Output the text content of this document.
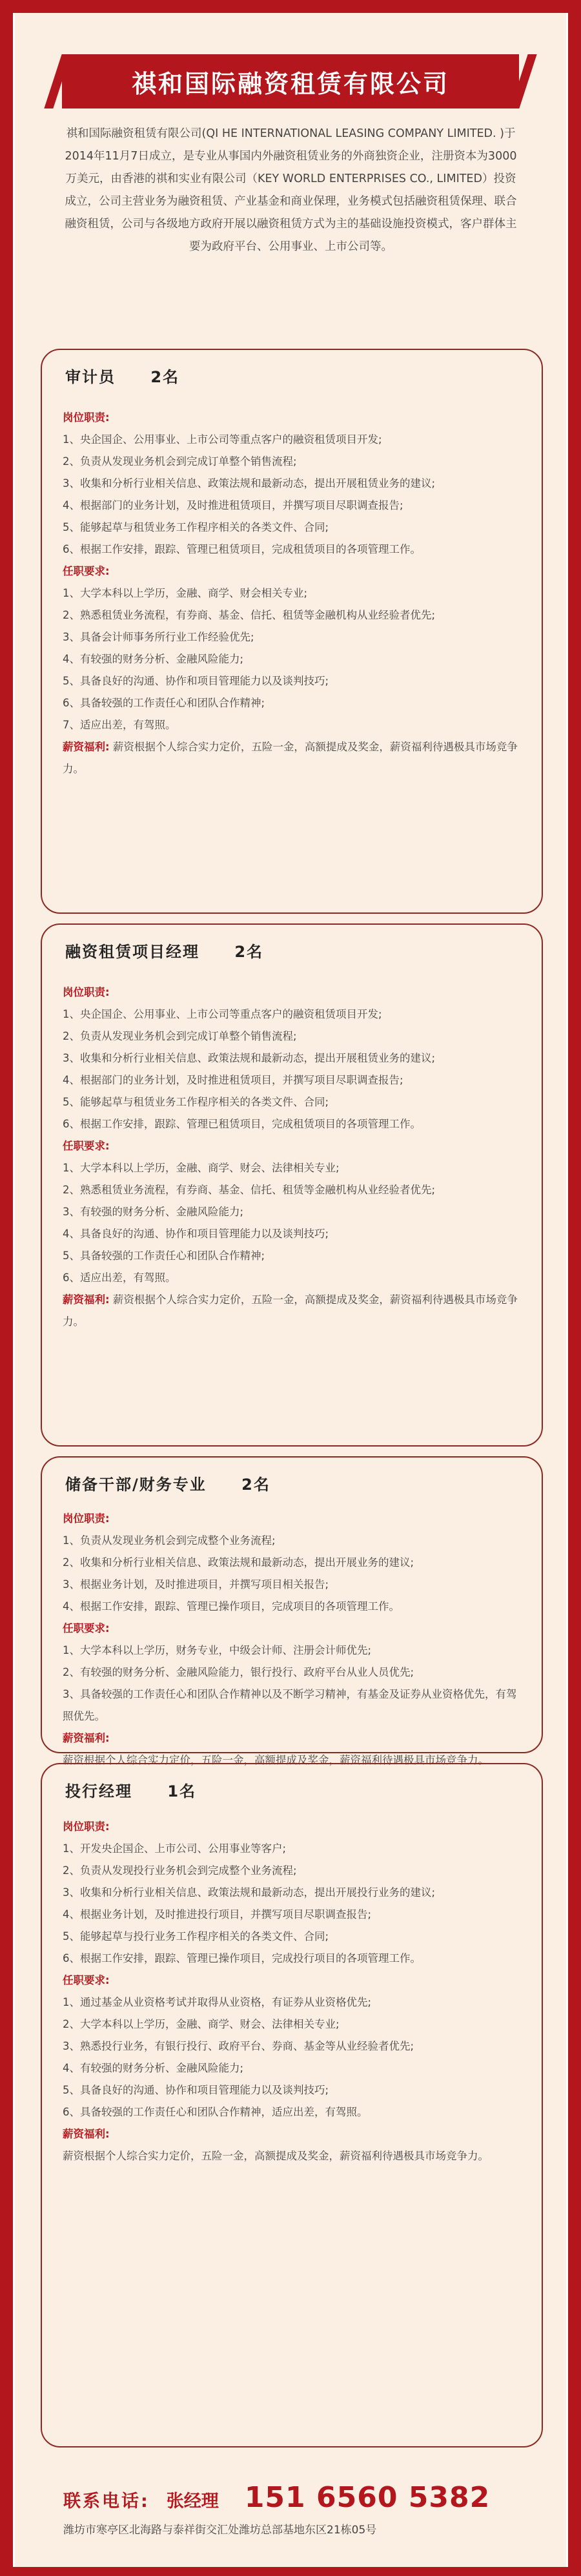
祺和国际融资租赁有限公司
祺和国际融资租赁有限公司(QI HE INTERNATIONAL LEASING COMPANY LIMITED. )于2014年11月7日成立，是专业从事国内外融资租赁业务的外商独资企业，注册资本为3000万美元，由香港的祺和实业有限公司（KEY WORLD ENTERPRISES CO., LIMITED）投资成立，公司主营业务为融资租赁、产业基金和商业保理，业务模式包括融资租赁保理、联合融资租赁，公司与各级地方政府开展以融资租赁方式为主的基础设施投资模式，客户群体主要为政府平台、公用事业、上市公司等。
审计员 2名
岗位职责:
1、央企国企、公用事业、上市公司等重点客户的融资租赁项目开发;
2、负责从发现业务机会到完成订单整个销售流程;
3、收集和分析行业相关信息、政策法规和最新动态，提出开展租赁业务的建议;
4、根据部门的业务计划，及时推进租赁项目，并撰写项目尽职调查报告;
5、能够起草与租赁业务工作程序相关的各类文件、合同;
6、根据工作安排，跟踪、管理已租赁项目，完成租赁项目的各项管理工作。
任职要求:
1、大学本科以上学历，金融、商学、财会相关专业;
2、熟悉租赁业务流程，有券商、基金、信托、租赁等金融机构从业经验者优先;
3、具备会计师事务所行业工作经验优先;
4、有较强的财务分析、金融风险能力;
5、具备良好的沟通、协作和项目管理能力以及谈判技巧;
6、具备较强的工作责任心和团队合作精神;
7、适应出差，有驾照。
薪资福利: 薪资根据个人综合实力定价，五险一金，高额提成及奖金，薪资福利待遇极具市场竞争力。
融资租赁项目经理 2名
岗位职责:
1、央企国企、公用事业、上市公司等重点客户的融资租赁项目开发;
2、负责从发现业务机会到完成订单整个销售流程;
3、收集和分析行业相关信息、政策法规和最新动态，提出开展租赁业务的建议;
4、根据部门的业务计划，及时推进租赁项目，并撰写项目尽职调查报告;
5、能够起草与租赁业务工作程序相关的各类文件、合同;
6、根据工作安排，跟踪、管理已租赁项目，完成租赁项目的各项管理工作。
任职要求:
1、大学本科以上学历，金融、商学、财会、法律相关专业;
2、熟悉租赁业务流程，有券商、基金、信托、租赁等金融机构从业经验者优先;
3、有较强的财务分析、金融风险能力;
4、具备良好的沟通、协作和项目管理能力以及谈判技巧;
5、具备较强的工作责任心和团队合作精神;
6、适应出差，有驾照。
薪资福利: 薪资根据个人综合实力定价，五险一金，高额提成及奖金，薪资福利待遇极具市场竞争力。
储备干部/财务专业 2名
岗位职责:
1、负责从发现业务机会到完成整个业务流程;
2、收集和分析行业相关信息、政策法规和最新动态，提出开展业务的建议;
3、根据业务计划，及时推进项目，并撰写项目相关报告;
4、根据工作安排，跟踪、管理已操作项目，完成项目的各项管理工作。
任职要求:
1、大学本科以上学历，财务专业，中级会计师、注册会计师优先;
2、有较强的财务分析、金融风险能力，银行投行、政府平台从业人员优先;
3、具备较强的工作责任心和团队合作精神以及不断学习精神，有基金及证券从业资格优先，有驾照优先。
薪资福利:
薪资根据个人综合实力定价，五险一金，高额提成及奖金，薪资福利待遇极具市场竞争力。
投行经理 1名
岗位职责:
1、开发央企国企、上市公司、公用事业等客户;
2、负责从发现投行业务机会到完成整个业务流程;
3、收集和分析行业相关信息、政策法规和最新动态，提出开展投行业务的建议;
4、根据业务计划，及时推进投行项目，并撰写项目尽职调查报告;
5、能够起草与投行业务工作程序相关的各类文件、合同;
6、根据工作安排，跟踪、管理已操作项目，完成投行项目的各项管理工作。
任职要求:
1、通过基金从业资格考试并取得从业资格，有证券从业资格优先;
2、大学本科以上学历，金融、商学、财会、法律相关专业;
3、熟悉投行业务，有银行投行、政府平台、券商、基金等从业经验者优先;
4、有较强的财务分析、金融风险能力;
5、具备良好的沟通、协作和项目管理能力以及谈判技巧;
6、具备较强的工作责任心和团队合作精神，适应出差，有驾照。
薪资福利:
薪资根据个人综合实力定价，五险一金，高额提成及奖金，薪资福利待遇极具市场竞争力。
联系电话: 张经理 151 6560 5382
潍坊市寒亭区北海路与泰祥街交汇处潍坊总部基地东区21栋05号
